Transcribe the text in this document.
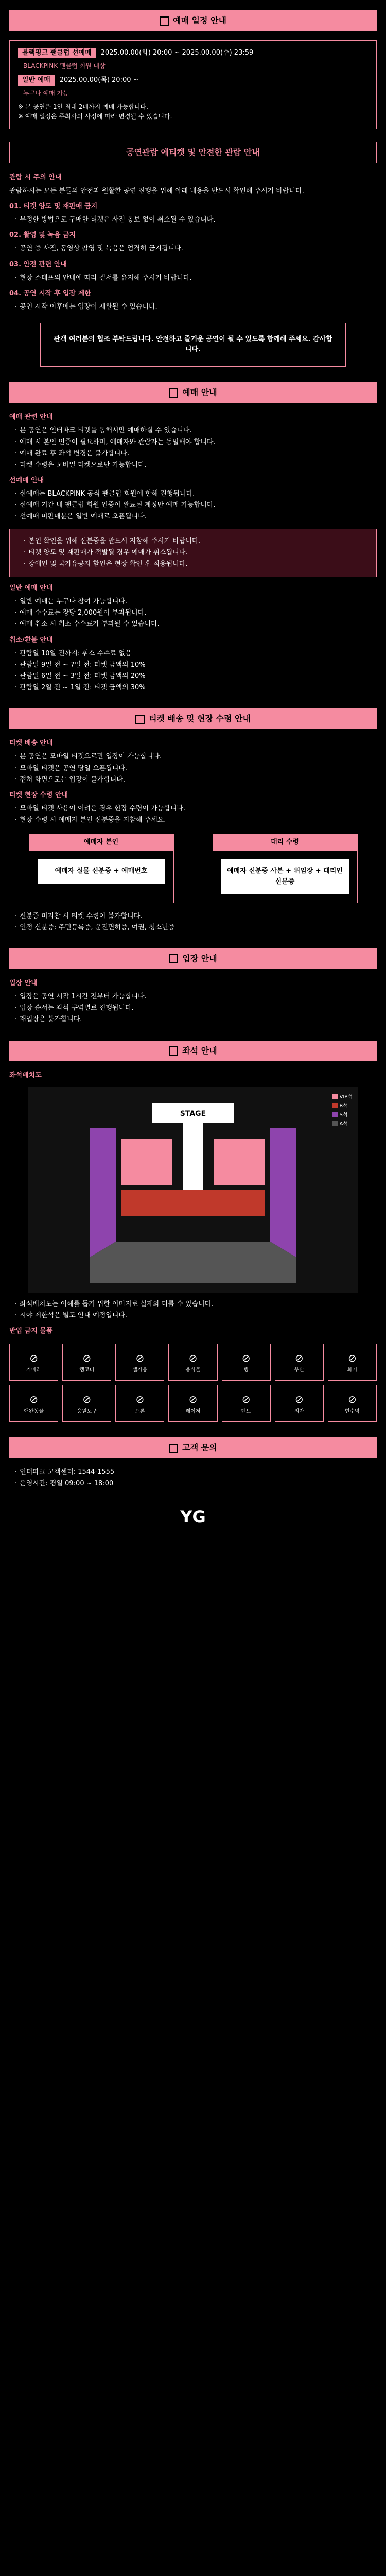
예매 일정 안내
블랙핑크 팬클럽 선예매	2025.00.00(화) 20:00 ~ 2025.00.00(수) 23:59
BLACKPINK 팬클럽 회원 대상
일반 예매	2025.00.00(목) 20:00 ~
누구나 예매 가능
※ 본 공연은 1인 최대 2매까지 예매 가능합니다.
※ 예매 일정은 주최사의 사정에 따라 변경될 수 있습니다.
공연관람 에티켓 및 안전한 관람 안내
관람 시 주의 안내
관람하시는 모든 분들의 안전과 원활한 공연 진행을 위해 아래 내용을 반드시 확인해 주시기 바랍니다.
01. 티켓 양도 및 재판매 금지
· 부정한 방법으로 구매한 티켓은 사전 통보 없이 취소될 수 있습니다.
02. 촬영 및 녹음 금지
· 공연 중 사진, 동영상 촬영 및 녹음은 엄격히 금지됩니다.
03. 안전 관련 안내
· 현장 스태프의 안내에 따라 질서를 유지해 주시기 바랍니다.
04. 공연 시작 후 입장 제한
· 공연 시작 이후에는 입장이 제한될 수 있습니다.
관객 여러분의 협조 부탁드립니다. 안전하고 즐거운 공연이 될 수 있도록 함께해 주세요. 감사합니다.
예매 안내
예매 관련 안내
· 본 공연은 인터파크 티켓을 통해서만 예매하실 수 있습니다.
· 예매 시 본인 인증이 필요하며, 예매자와 관람자는 동일해야 합니다.
· 예매 완료 후 좌석 변경은 불가합니다.
· 티켓 수령은 모바일 티켓으로만 가능합니다.
선예매 안내
· 선예매는 BLACKPINK 공식 팬클럽 회원에 한해 진행됩니다.
· 선예매 기간 내 팬클럽 회원 인증이 완료된 계정만 예매 가능합니다.
· 선예매 미판매분은 일반 예매로 오픈됩니다.
· 본인 확인을 위해 신분증을 반드시 지참해 주시기 바랍니다.
· 티켓 양도 및 재판매가 적발될 경우 예매가 취소됩니다.
· 장애인 및 국가유공자 할인은 현장 확인 후 적용됩니다.
일반 예매 안내
· 일반 예매는 누구나 참여 가능합니다.
· 예매 수수료는 장당 2,000원이 부과됩니다.
· 예매 취소 시 취소 수수료가 부과될 수 있습니다.
취소/환불 안내
· 관람일 10일 전까지: 취소 수수료 없음
· 관람일 9일 전 ~ 7일 전: 티켓 금액의 10%
· 관람일 6일 전 ~ 3일 전: 티켓 금액의 20%
· 관람일 2일 전 ~ 1일 전: 티켓 금액의 30%
티켓 배송 및 현장 수령 안내
티켓 배송 안내
· 본 공연은 모바일 티켓으로만 입장이 가능합니다.
· 모바일 티켓은 공연 당일 오픈됩니다.
· 캡처 화면으로는 입장이 불가합니다.
티켓 현장 수령 안내
· 모바일 티켓 사용이 어려운 경우 현장 수령이 가능합니다.
· 현장 수령 시 예매자 본인 신분증을 지참해 주세요.
예매자 본인
예매자 실물 신분증 + 예매번호
대리 수령
예매자 신분증 사본 + 위임장 + 대리인 신분증
· 신분증 미지참 시 티켓 수령이 불가합니다.
· 인정 신분증: 주민등록증, 운전면허증, 여권, 청소년증
입장 안내
입장 안내
· 입장은 공연 시작 1시간 전부터 가능합니다.
· 입장 순서는 좌석 구역별로 진행됩니다.
· 재입장은 불가합니다.
좌석 안내
좌석배치도
STAGE
VIP석
R석
S석
A석
· 좌석배치도는 이해를 돕기 위한 이미지로 실제와 다를 수 있습니다.
· 시야 제한석은 별도 안내 예정입니다.
반입 금지 물품
⊘
카메라
⊘
캠코더
⊘
셀카봉
⊘
음식물
⊘
병
⊘
우산
⊘
화기
⊘
애완동물
⊘
응원도구
⊘
드론
⊘
레이저
⊘
텐트
⊘
의자
⊘
현수막
고객 문의
· 인터파크 고객센터: 1544-1555
· 운영시간: 평일 09:00 ~ 18:00
YG
